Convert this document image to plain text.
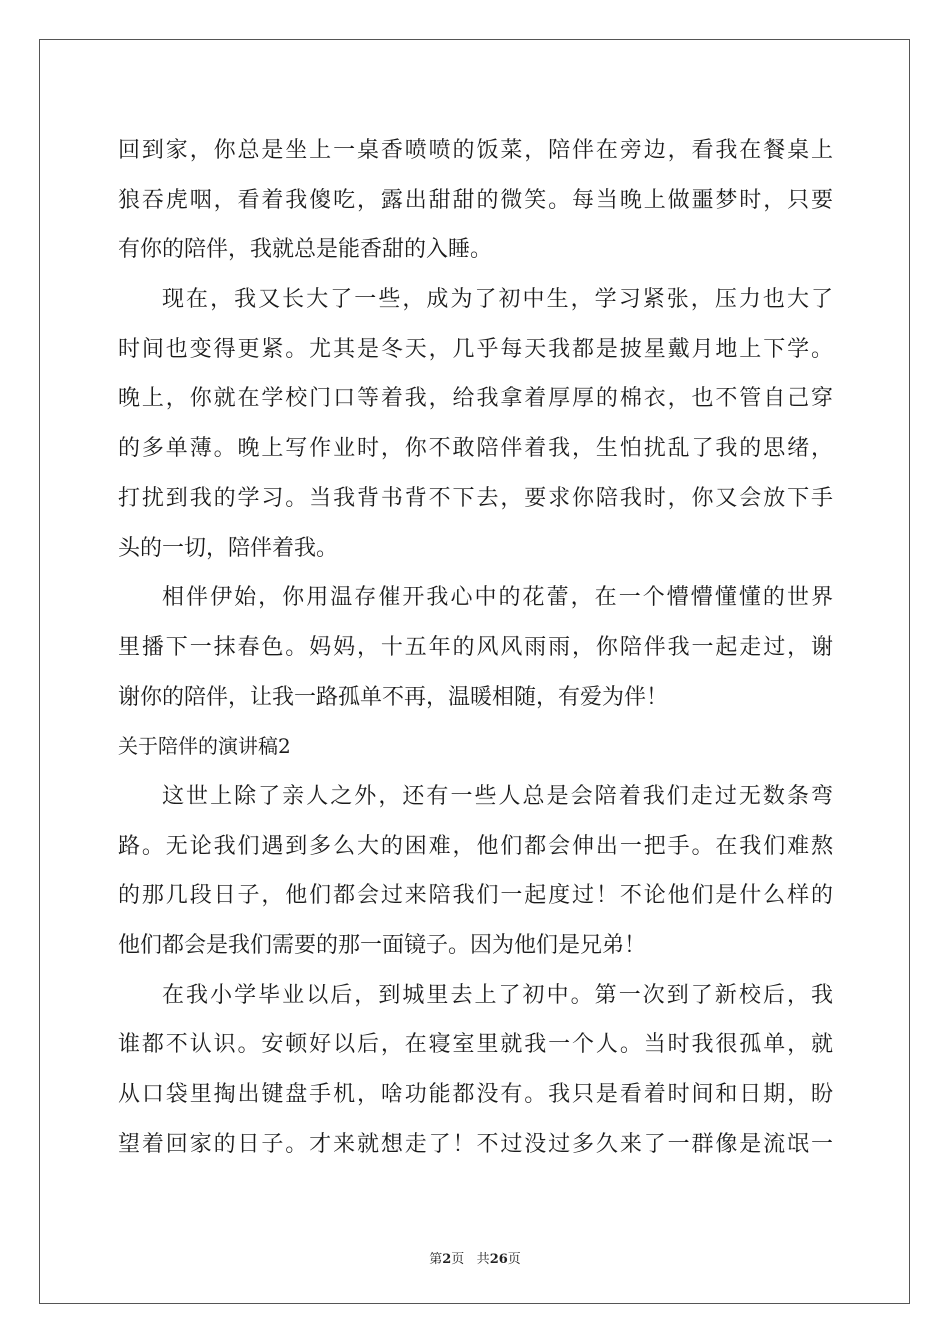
回到家，你总是坐上一桌香喷喷的饭菜，陪伴在旁边，看我在餐桌上
狼吞虎咽，看着我傻吃，露出甜甜的微笑。每当晚上做噩梦时，只要
有你的陪伴，我就总是能香甜的入睡。
现在，我又长大了一些，成为了初中生，学习紧张，压力也大了
时间也变得更紧。尤其是冬天，几乎每天我都是披星戴月地上下学。
晚上，你就在学校门口等着我，给我拿着厚厚的棉衣，也不管自己穿
的多单薄。晚上写作业时，你不敢陪伴着我，生怕扰乱了我的思绪，
打扰到我的学习。当我背书背不下去，要求你陪我时，你又会放下手
头的一切，陪伴着我。
相伴伊始，你用温存催开我心中的花蕾，在一个懵懵懂懂的世界
里播下一抹春色。妈妈，十五年的风风雨雨，你陪伴我一起走过，谢
谢你的陪伴，让我一路孤单不再，温暖相随，有爱为伴！
关于陪伴的演讲稿2
这世上除了亲人之外，还有一些人总是会陪着我们走过无数条弯
路。无论我们遇到多么大的困难，他们都会伸出一把手。在我们难熬
的那几段日子，他们都会过来陪我们一起度过！不论他们是什么样的
他们都会是我们需要的那一面镜子。因为他们是兄弟！
在我小学毕业以后，到城里去上了初中。第一次到了新校后，我
谁都不认识。安顿好以后，在寝室里就我一个人。当时我很孤单，就
从口袋里掏出键盘手机，啥功能都没有。我只是看着时间和日期，盼
望着回家的日子。才来就想走了！不过没过多久来了一群像是流氓一
第2页 共26页
